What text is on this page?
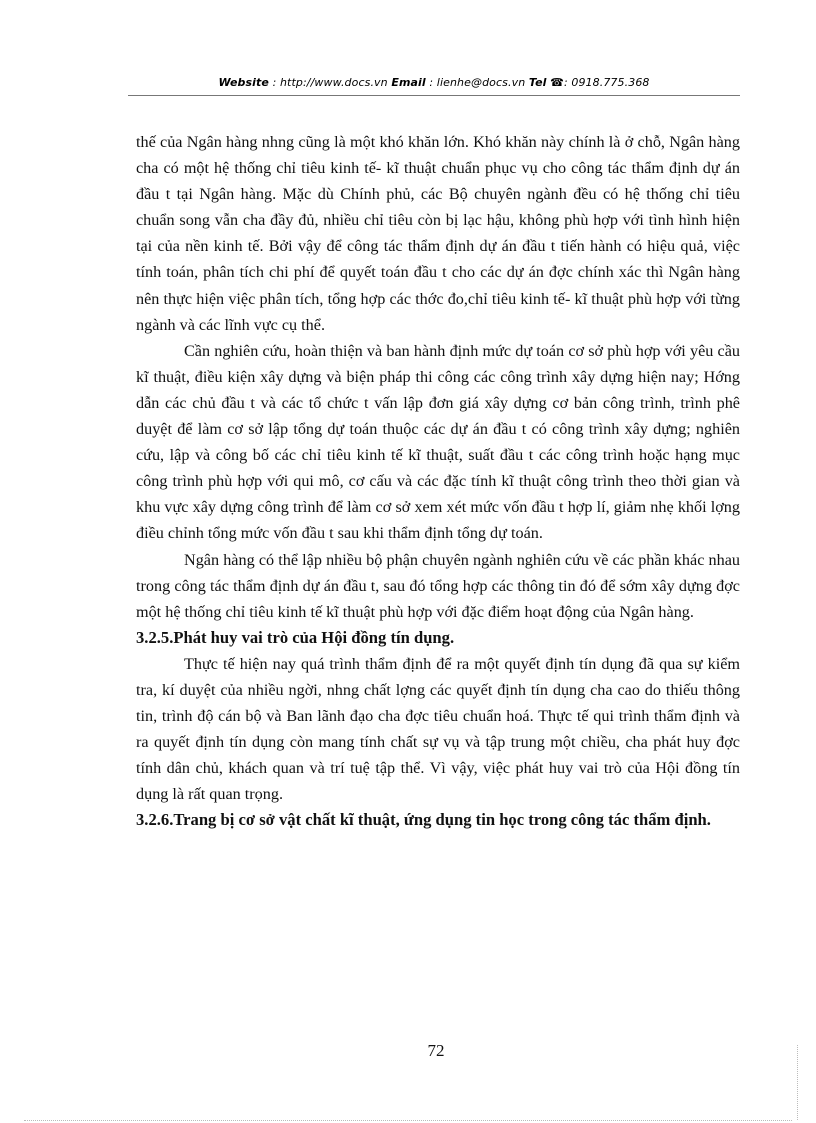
Website : http://www.docs.vn Email : lienhe@docs.vn Tel ☎: 0918.775.368

thế của Ngân hàng nhng cũng là một khó khăn lớn. Khó khăn này chính là ở chỗ, Ngân hàng cha có một hệ thống chỉ tiêu kinh tế- kĩ thuật chuẩn phục vụ cho công tác thẩm định dự án đầu t tại Ngân hàng. Mặc dù Chính phủ, các Bộ chuyên ngành đều có hệ thống chỉ tiêu chuẩn song vẫn cha đầy đủ, nhiều chỉ tiêu còn bị lạc hậu, không phù hợp với tình hình hiện tại của nền kinh tế. Bởi vậy để công tác thẩm định dự án đầu t tiến hành có hiệu quả, việc tính toán, phân tích chi phí để quyết toán đầu t cho các dự án đợc chính xác thì Ngân hàng nên thực hiện việc phân tích, tổng hợp các thớc đo,chỉ tiêu kinh tế- kĩ thuật phù hợp với từng ngành và các lĩnh vực cụ thể.

Cần nghiên cứu, hoàn thiện và ban hành định mức dự toán cơ sở phù hợp với yêu cầu kĩ thuật, điều kiện xây dựng và biện pháp thi công các công trình xây dựng hiện nay; Hớng dẫn các chủ đầu t và các tổ chức t vấn lập đơn giá xây dựng cơ bản công trình, trình phê duyệt để làm cơ sở lập tổng dự toán thuộc các dự án đầu t có công trình xây dựng; nghiên cứu, lập và công bố các chỉ tiêu kinh tế kĩ thuật, suất đầu t các công trình hoặc hạng mục công trình phù hợp với qui mô, cơ cấu và các đặc tính kĩ thuật công trình theo thời gian và khu vực xây dựng công trình để làm cơ sở xem xét mức vốn đầu t hợp lí, giảm nhẹ khối lợng điều chỉnh tổng mức vốn đầu t sau khi thẩm định tổng dự toán.

Ngân hàng có thể lập nhiều bộ phận chuyên ngành nghiên cứu về các phần khác nhau trong công tác thẩm định dự án đầu t, sau đó tổng hợp các thông tin đó để sớm xây dựng đợc một hệ thống chỉ tiêu kinh tế kĩ thuật phù hợp với đặc điểm hoạt động của Ngân hàng.

3.2.5.Phát huy vai trò của Hội đồng tín dụng.

Thực tế hiện nay quá trình thẩm định để ra một quyết định tín dụng đã qua sự kiểm tra, kí duyệt của nhiều ngời, nhng chất lợng các quyết định tín dụng cha cao do thiếu thông tin, trình độ cán bộ và Ban lãnh đạo cha đợc tiêu chuẩn hoá. Thực tế qui trình thẩm định và ra quyết định tín dụng còn mang tính chất sự vụ và tập trung một chiều, cha phát huy đợc tính dân chủ, khách quan và trí tuệ tập thể. Vì vậy, việc phát huy vai trò của Hội đồng tín dụng là rất quan trọng.

3.2.6.Trang bị cơ sở vật chất kĩ thuật, ứng dụng tin học trong công tác thẩm định.
72
